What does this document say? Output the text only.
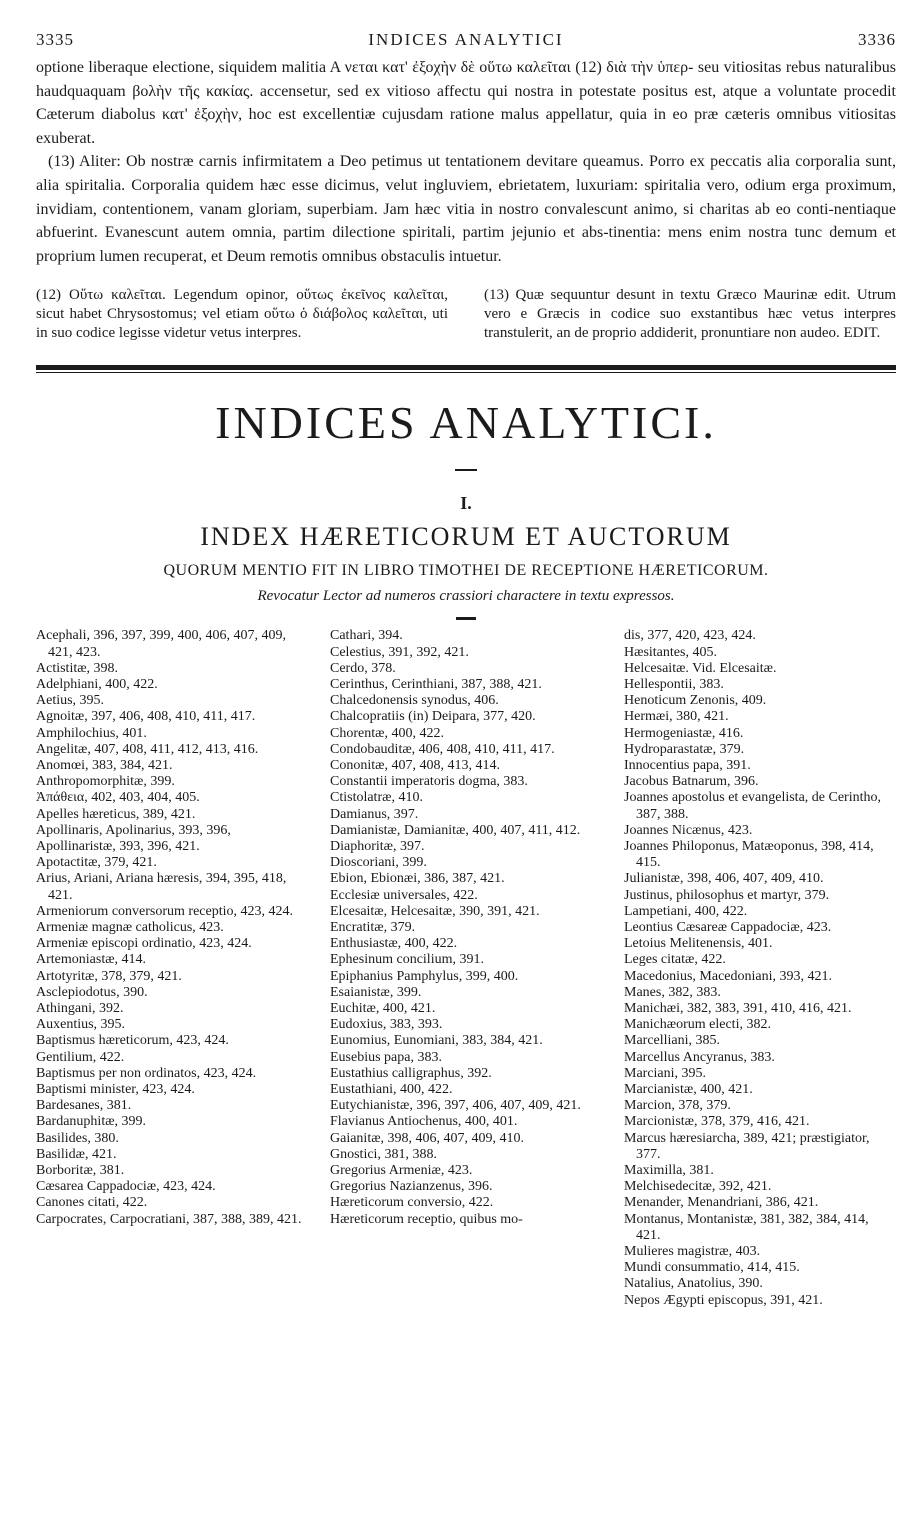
3335	INDICES ANALYTICI	3336

optione liberaque electione, siquidem malitia A νεται κατ' ἐξοχὴν δὲ οὕτω καλεῖται (12) διὰ τὴν ὑπερ- seu vitiositas rebus naturalibus haudquaquam βολὴν τῆς κακίας. accensetur, sed ex vitioso affectu qui nostra in potestate positus est, atque a voluntate procedit Cæterum diabolus κατ' ἐξοχὴν, hoc est excellentiæ cujusdam ratione malus appellatur, quia in eo præ cæteris omnibus vitiositas exuberat.

(13) Aliter: Ob nostræ carnis infirmitatem a Deo petimus ut tentationem devitare queamus. Porro ex peccatis alia corporalia sunt, alia spiritalia. Corporalia quidem hæc esse dicimus, velut ingluviem, ebrietatem, luxuriam: spiritalia vero, odium erga proximum, invidiam, contentionem, vanam gloriam, superbiam. Jam hæc vitia in nostro convalescunt animo, si charitas ab eo conti-nentiaque abfuerint. Evanescunt autem omnia, partim dilectione spiritali, partim jejunio et abs-tinentia: mens enim nostra tunc demum et proprium lumen recuperat, et Deum remotis omnibus obstaculis intuetur.

(12) Οὕτω καλεῖται. Legendum opinor, οὕτως ἐκεῖνος καλεῖται, sicut habet Chrysostomus; vel etiam οὕτω ὁ διάβολος καλεῖται, uti in suo codice legisse videtur vetus interpres.
(13) Quæ sequuntur desunt in textu Græco Maurinæ edit. Utrum vero e Græcis in codice suo exstantibus hæc vetus interpres transtulerit, an de proprio addiderit, pronuntiare non audeo. EDIT.
INDICES ANALYTICI.
I.
INDEX HÆRETICORUM ET AUCTORUM
QUORUM MENTIO FIT IN LIBRO TIMOTHEI DE RECEPTIONE HÆRETICORUM.
Revocatur Lector ad numeros crassiori charactere in textu expressos.

Acephali, 396, 397, 399, 400, 406, 407, 409, 421, 423.

Actistitæ, 398.

Adelphiani, 400, 422.

Aetius, 395.

Agnoitæ, 397, 406, 408, 410, 411, 417.

Amphilochius, 401.

Angelitæ, 407, 408, 411, 412, 413, 416.

Anomœi, 383, 384, 421.

Anthropomorphitæ, 399.

Ἀπάθεια, 402, 403, 404, 405.

Apelles hæreticus, 389, 421.

Apollinaris, Apolinarius, 393, 396,

Apollinaristæ, 393, 396, 421.

Apotactitæ, 379, 421.

Arius, Ariani, Ariana hæresis, 394, 395, 418, 421.

Armeniorum conversorum receptio, 423, 424.

Armeniæ magnæ catholicus, 423.

Armeniæ episcopi ordinatio, 423, 424.

Artemoniastæ, 414.

Artotyritæ, 378, 379, 421.

Asclepiodotus, 390.

Athingani, 392.

Auxentius, 395.

Baptismus hæreticorum, 423, 424.

Gentilium, 422.

Baptismus per non ordinatos, 423, 424.

Baptismi minister, 423, 424.

Bardesanes, 381.

Bardanuphitæ, 399.

Basilides, 380.

Basilidæ, 421.

Borboritæ, 381.

Cæsarea Cappadociæ, 423, 424.

Canones citati, 422.

Carpocrates, Carpocratiani, 387, 388, 389, 421.

Cathari, 394.

Celestius, 391, 392, 421.

Cerdo, 378.

Cerinthus, Cerinthiani, 387, 388, 421.

Chalcedonensis synodus, 406.

Chalcopratiis (in) Deipara, 377, 420.

Chorentæ, 400, 422.

Condobauditæ, 406, 408, 410, 411, 417.

Cononitæ, 407, 408, 413, 414.

Constantii imperatoris dogma, 383.

Ctistolatræ, 410.

Damianus, 397.

Damianistæ, Damianitæ, 400, 407, 411, 412.

Diaphoritæ, 397.

Dioscoriani, 399.

Ebion, Ebionæi, 386, 387, 421.

Ecclesiæ universales, 422.

Elcesaitæ, Helcesaitæ, 390, 391, 421.

Encratitæ, 379.

Enthusiastæ, 400, 422.

Ephesinum concilium, 391.

Epiphanius Pamphylus, 399, 400.

Esaianistæ, 399.

Euchitæ, 400, 421.

Eudoxius, 383, 393.

Eunomius, Eunomiani, 383, 384, 421.

Eusebius papa, 383.

Eustathius calligraphus, 392.

Eustathiani, 400, 422.

Eutychianistæ, 396, 397, 406, 407, 409, 421.

Flavianus Antiochenus, 400, 401.

Gaianitæ, 398, 406, 407, 409, 410.

Gnostici, 381, 388.

Gregorius Armeniæ, 423.

Gregorius Nazianzenus, 396.

Hæreticorum conversio, 422.

Hæreticorum receptio, quibus mo-

dis, 377, 420, 423, 424.

Hæsitantes, 405.

Helcesaitæ. Vid. Elcesaitæ.

Hellespontii, 383.

Henoticum Zenonis, 409.

Hermæi, 380, 421.

Hermogeniastæ, 416.

Hydroparastatæ, 379.

Innocentius papa, 391.

Jacobus Batnarum, 396.

Joannes apostolus et evangelista, de Cerintho, 387, 388.

Joannes Nicænus, 423.

Joannes Philoponus, Matæoponus, 398, 414, 415.

Julianistæ, 398, 406, 407, 409, 410.

Justinus, philosophus et martyr, 379.

Lampetiani, 400, 422.

Leontius Cæsareæ Cappadociæ, 423.

Letoius Melitenensis, 401.

Leges citatæ, 422.

Macedonius, Macedoniani, 393, 421.

Manes, 382, 383.

Manichæi, 382, 383, 391, 410, 416, 421.

Manichæorum electi, 382.

Marcelliani, 385.

Marcellus Ancyranus, 383.

Marciani, 395.

Marcianistæ, 400, 421.

Marcion, 378, 379.

Marcionistæ, 378, 379, 416, 421.

Marcus hæresiarcha, 389, 421; præstigiator, 377.

Maximilla, 381.

Melchisedecitæ, 392, 421.

Menander, Menandriani, 386, 421.

Montanus, Montanistæ, 381, 382, 384, 414, 421.

Mulieres magistræ, 403.

Mundi consummatio, 414, 415.

Natalius, Anatolius, 390.

Nepos Ægypti episcopus, 391, 421.
